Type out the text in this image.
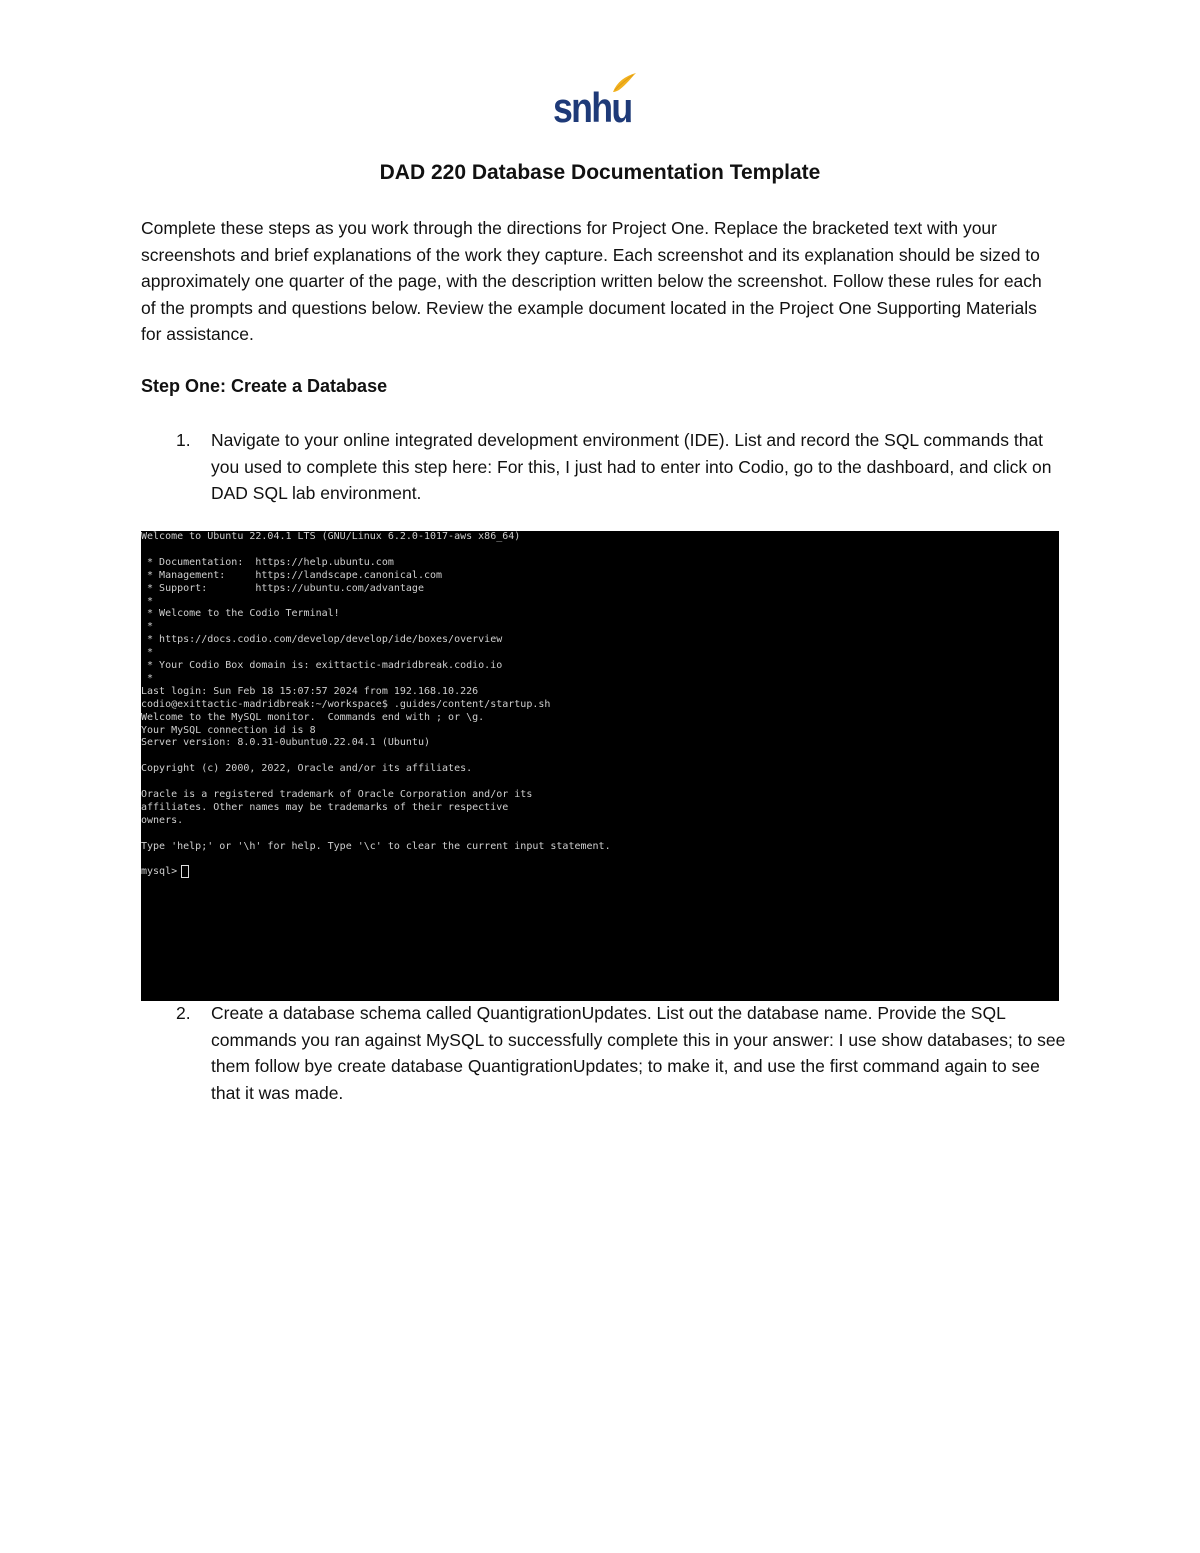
snhu
DAD 220 Database Documentation Template

Complete these steps as you work through the directions for Project One. Replace the bracketed text with your screenshots and brief explanations of the work they capture. Each screenshot and its explanation should be sized to approximately one quarter of the page, with the description written below the screenshot. Follow these rules for each of the prompts and questions below. Review the example document located in the Project One Supporting Materials for assistance.

Step One: Create a Database
1. Navigate to your online integrated development environment (IDE). List and record the SQL commands that you used to complete this step here: For this, I just had to enter into Codio, go to the dashboard, and click on DAD SQL lab environment.
Welcome to Ubuntu 22.04.1 LTS (GNU/Linux 6.2.0-1017-aws x86_64)
* Documentation:  https://help.ubuntu.com
* Management:     https://landscape.canonical.com
* Support:        https://ubuntu.com/advantage
*
* Welcome to the Codio Terminal!
*
* https://docs.codio.com/develop/develop/ide/boxes/overview
*
* Your Codio Box domain is: exittactic-madridbreak.codio.io
*
Last login: Sun Feb 18 15:07:57 2024 from 192.168.10.226
codio@exittactic-madridbreak:~/workspace$ .guides/content/startup.sh
Welcome to the MySQL monitor.  Commands end with ; or \g.
Your MySQL connection id is 8
Server version: 8.0.31-0ubuntu0.22.04.1 (Ubuntu)
Copyright (c) 2000, 2022, Oracle and/or its affiliates.
Oracle is a registered trademark of Oracle Corporation and/or its
affiliates. Other names may be trademarks of their respective
owners.
Type 'help;' or '\h' for help. Type '\c' to clear the current input statement.
mysql>
2. Create a database schema called QuantigrationUpdates. List out the database name. Provide the SQL commands you ran against MySQL to successfully complete this in your answer: I use show databases; to see them follow bye create database QuantigrationUpdates; to make it, and use the first command again to see that it was made.
